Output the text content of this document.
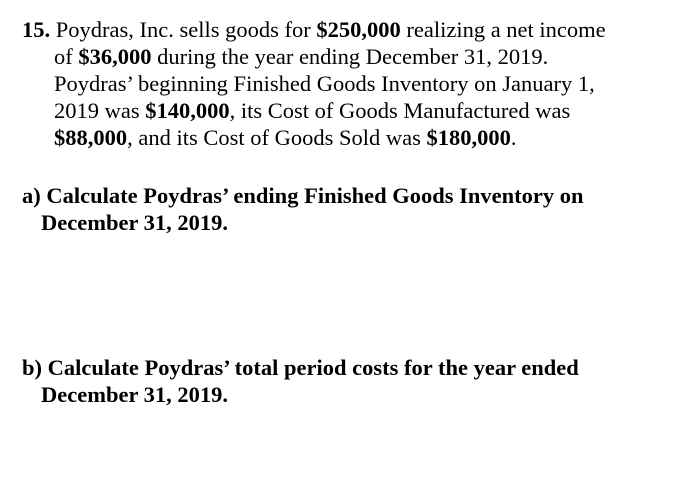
15. Poydras, Inc. sells goods for $250,000 realizing a net income
of $36,000 during the year ending December 31, 2019.
Poydras’ beginning Finished Goods Inventory on January 1,
2019 was $140,000, its Cost of Goods Manufactured was
$88,000, and its Cost of Goods Sold was $180,000.
a) Calculate Poydras’ ending Finished Goods Inventory on
December 31, 2019.
b) Calculate Poydras’ total period costs for the year ended
December 31, 2019.
